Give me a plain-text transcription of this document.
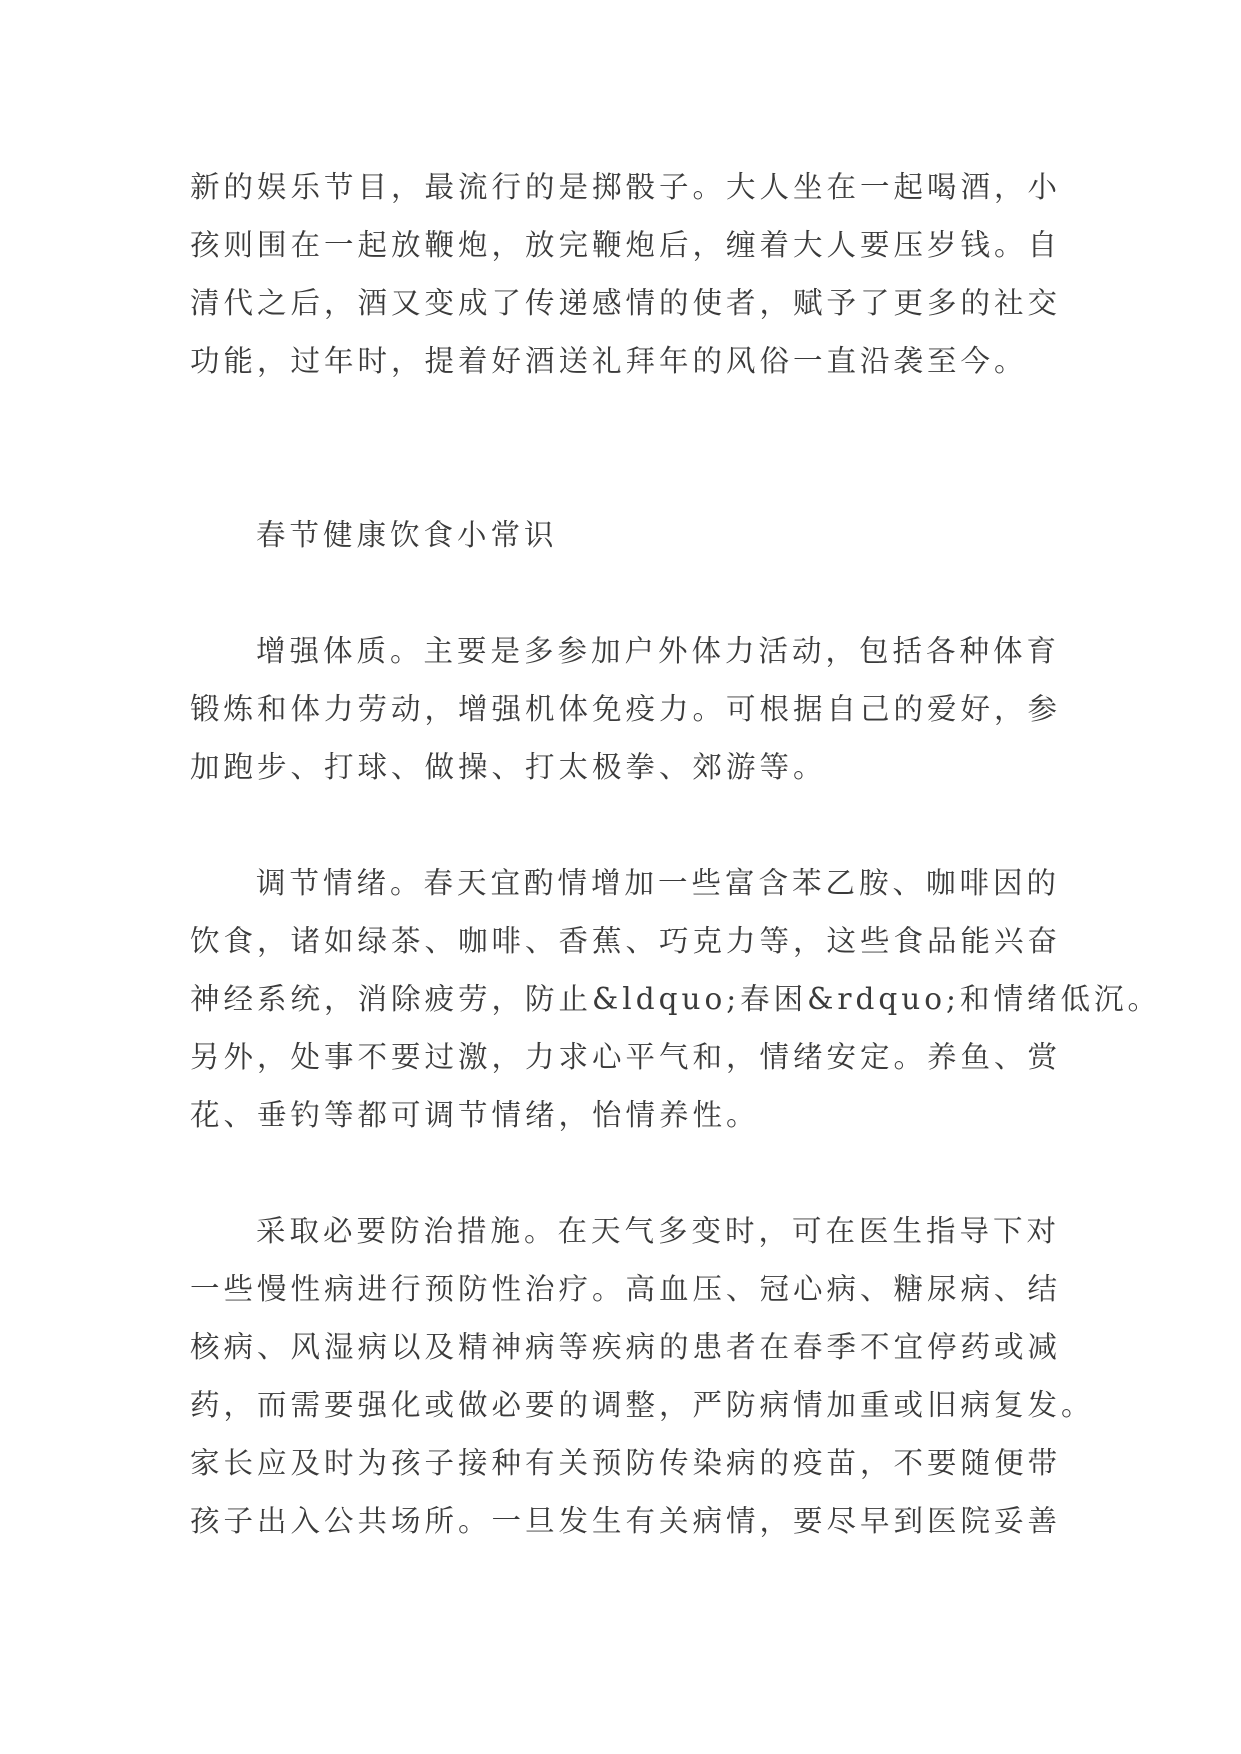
新的娱乐节目，最流行的是掷骰子。大人坐在一起喝酒，小
孩则围在一起放鞭炮，放完鞭炮后，缠着大人要压岁钱。自
清代之后，酒又变成了传递感情的使者，赋予了更多的社交
功能，过年时，提着好酒送礼拜年的风俗一直沿袭至今。
春节健康饮食小常识
增强体质。主要是多参加户外体力活动，包括各种体育
锻炼和体力劳动，增强机体免疫力。可根据自己的爱好，参
加跑步、打球、做操、打太极拳、郊游等。
调节情绪。春天宜酌情增加一些富含苯乙胺、咖啡因的
饮食，诸如绿茶、咖啡、香蕉、巧克力等，这些食品能兴奋
神经系统，消除疲劳，防止&ldquo;春困&rdquo;和情绪低沉。
另外，处事不要过激，力求心平气和，情绪安定。养鱼、赏
花、垂钓等都可调节情绪，怡情养性。
采取必要防治措施。在天气多变时，可在医生指导下对
一些慢性病进行预防性治疗。高血压、冠心病、糖尿病、结
核病、风湿病以及精神病等疾病的患者在春季不宜停药或减
药，而需要强化或做必要的调整，严防病情加重或旧病复发。
家长应及时为孩子接种有关预防传染病的疫苗，不要随便带
孩子出入公共场所。一旦发生有关病情，要尽早到医院妥善
